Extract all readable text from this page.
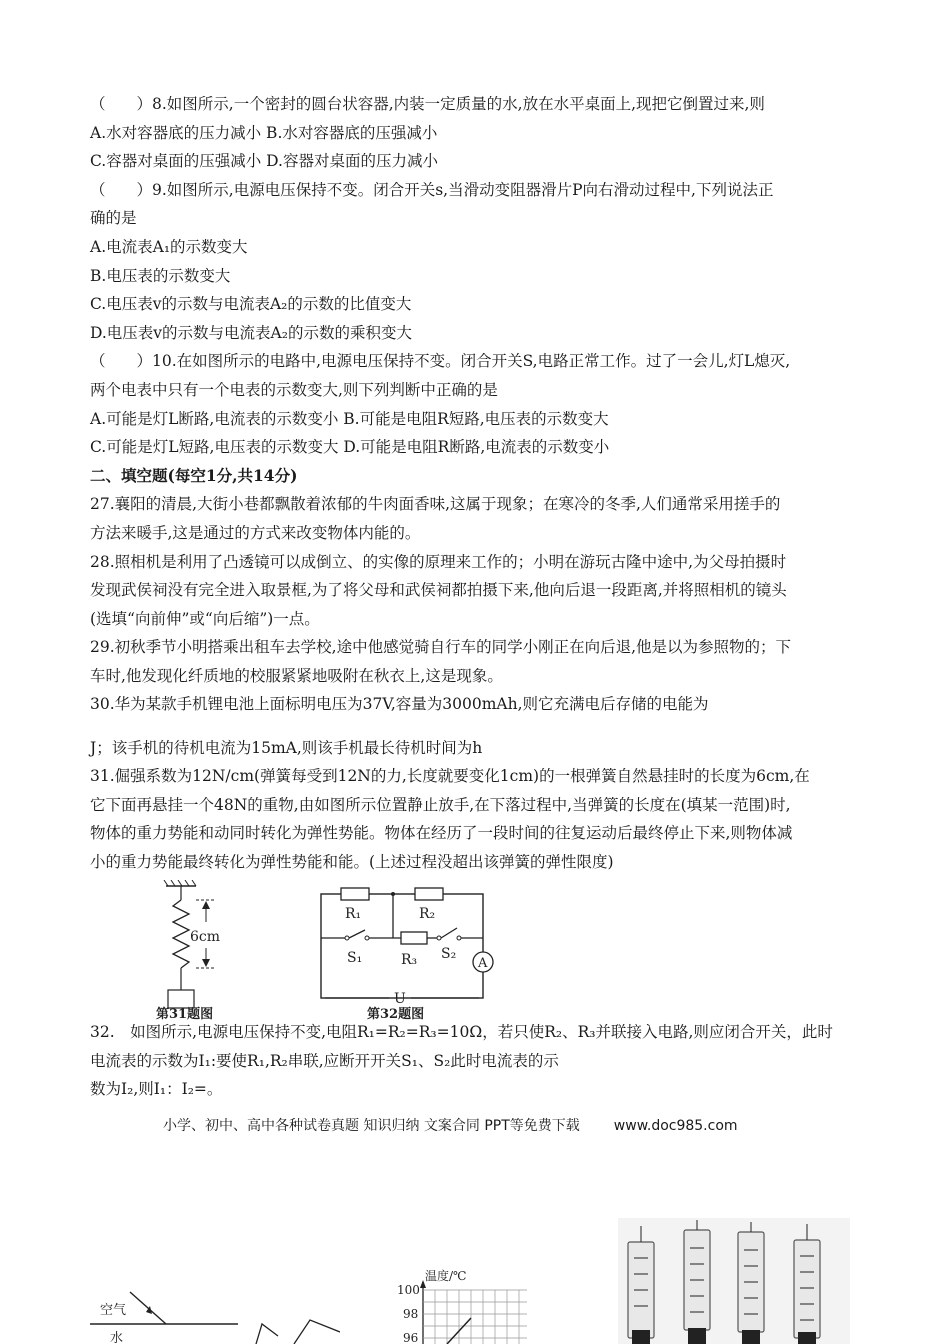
（　　）8.如图所示,一个密封的圆台状容器,内装一定质量的水,放在水平桌面上,现把它倒置过来,则
A.水对容器底的压力减小 B.水对容器底的压强减小
C.容器对桌面的压强减小 D.容器对桌面的压力减小
（　　）9.如图所示,电源电压保持不变。闭合开关s,当滑动变阻器滑片P向右滑动过程中,下列说法正
确的是
A.电流表A₁的示数变大
B.电压表的示数变大
C.电压表v的示数与电流表A₂的示数的比值变大
D.电压表v的示数与电流表A₂的示数的乘积变大
（　　）10.在如图所示的电路中,电源电压保持不变。闭合开关S,电路正常工作。过了一会儿,灯L熄灭,
两个电表中只有一个电表的示数变大,则下列判断中正确的是
A.可能是灯L断路,电流表的示数变小 B.可能是电阻R短路,电压表的示数变大
C.可能是灯L短路,电压表的示数变大 D.可能是电阻R断路,电流表的示数变小
二、填空题(每空1分,共14分)
27.襄阳的清晨,大街小巷都飘散着浓郁的牛肉面香味,这属于现象；在寒冷的冬季,人们通常采用搓手的
方法来暖手,这是通过的方式来改变物体内能的。
28.照相机是利用了凸透镜可以成倒立、的实像的原理来工作的；小明在游玩古隆中途中,为父母拍摄时
发现武侯祠没有完全进入取景框,为了将父母和武侯祠都拍摄下来,他向后退一段距离,并将照相机的镜头
(选填“向前伸”或“向后缩”)一点。
29.初秋季节小明搭乘出租车去学校,途中他感觉骑自行车的同学小刚正在向后退,他是以为参照物的；下
车时,他发现化纤质地的校服紧紧地吸附在秋衣上,这是现象。
30.华为某款手机锂电池上面标明电压为37V,容量为3000mAh,则它充满电后存储的电能为
J；该手机的待机电流为15mA,则该手机最长待机时间为h
31.倔强系数为12N/cm(弹簧每受到12N的力,长度就要变化1cm)的一根弹簧自然悬挂时的长度为6cm,在
它下面再悬挂一个48N的重物,由如图所示位置静止放手,在下落过程中,当弹簧的长度在(填某一范围)时,
物体的重力势能和动同时转化为弹性势能。物体在经历了一段时间的往复运动后最终停止下来,则物体减
小的重力势能最终转化为弹性势能和能。(上述过程没超出该弹簧的弹性限度)
6cm
第31题图
R₁	R₂
S₁	R₃ S₂
A
U
第32题图
32.　如图所示,电源电压保持不变,电阻R₁=R₂=R₃=10Ω，若只使R₂、R₃并联接入电路,则应闭合开关，此时
电流表的示数为I₁:要使R₁,R₂串联,应断开开关S₁、S₂此时电流表的示
数为I₂,则I₁：I₂=。
小学、初中、高中各种试卷真题 知识归纳 文案合同 PPT等免费下载 www.doc985.com
空气
水
温度/℃
100
98
96
